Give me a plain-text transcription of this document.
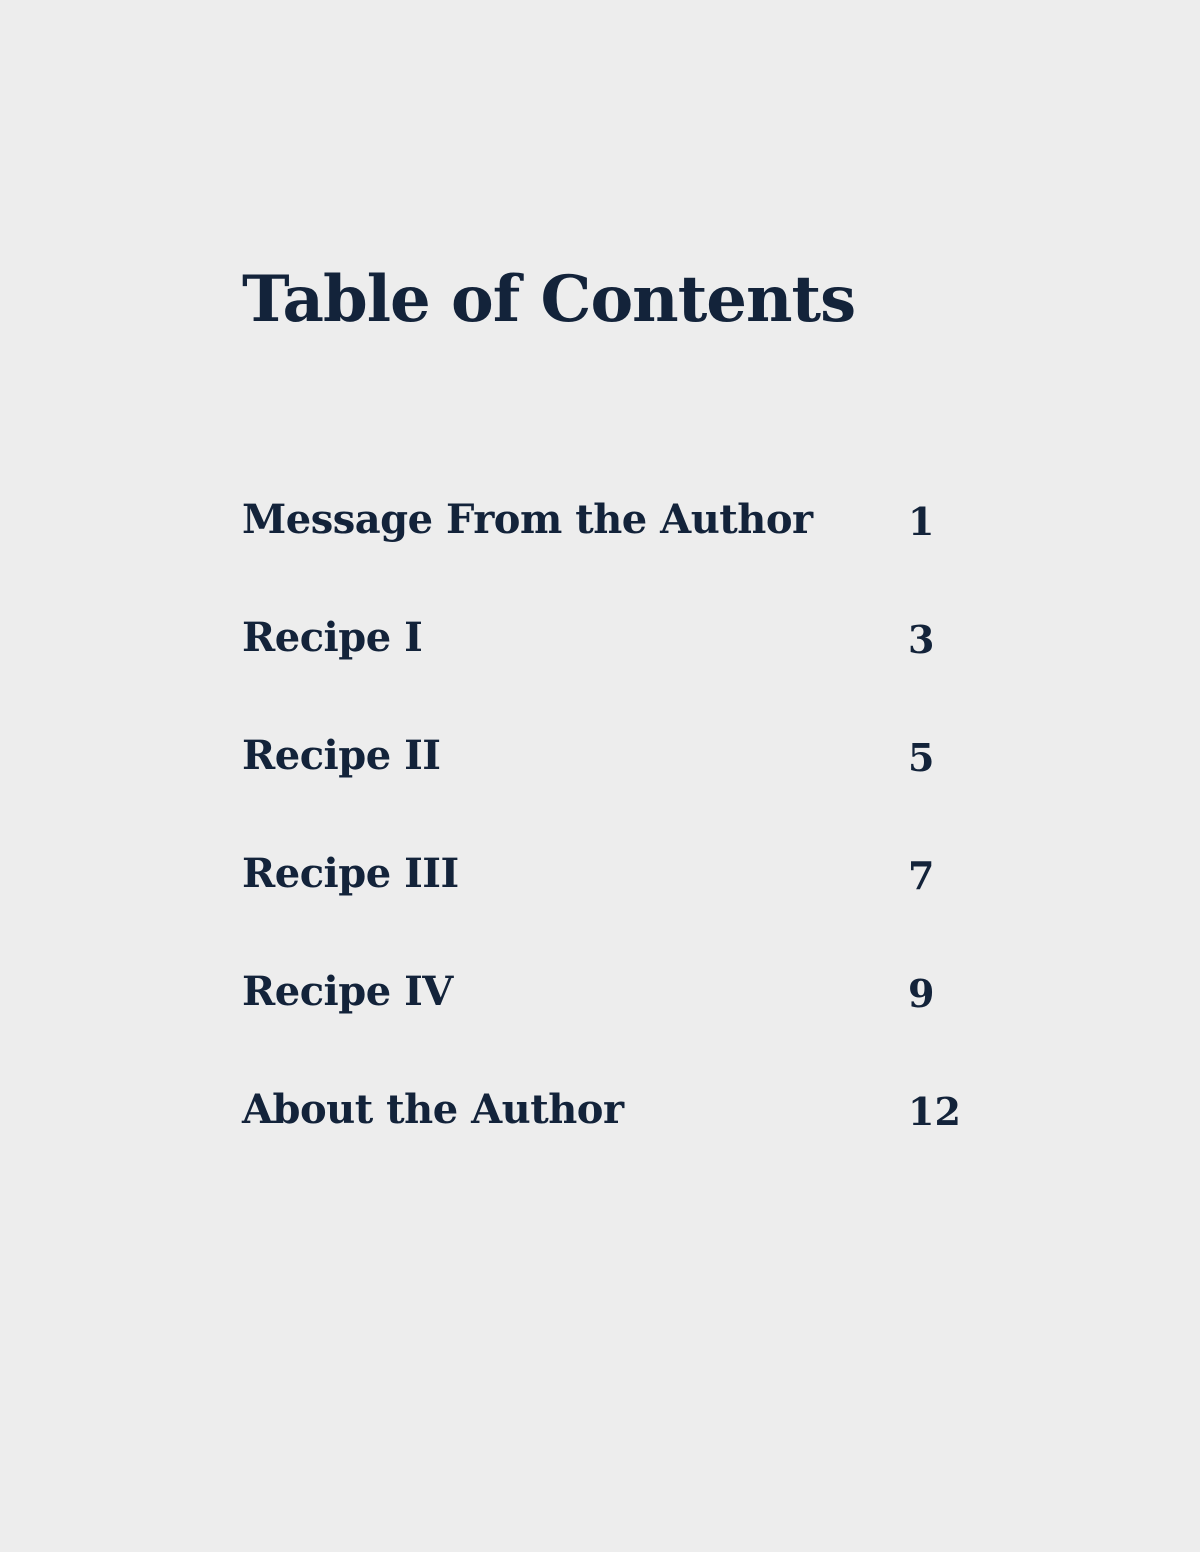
Table of Contents
Message From the Author	1
Recipe I	3
Recipe II	5
Recipe III	7
Recipe IV	9
About the Author	12
